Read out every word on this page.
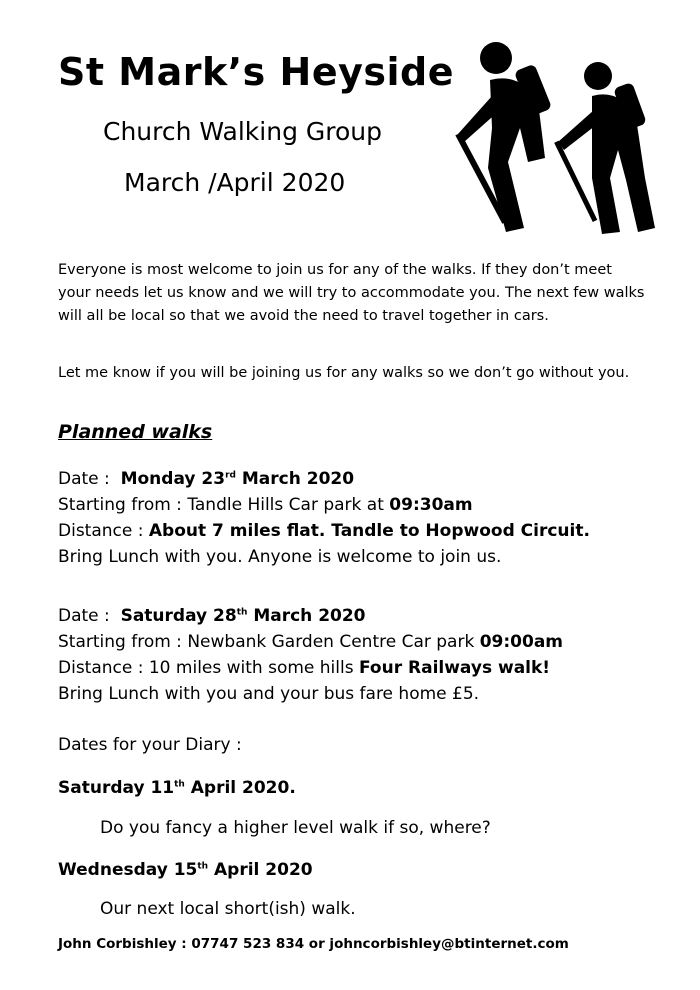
St Mark’s Heyside
Church Walking Group
March /April 2020

Everyone is most welcome to join us for any of the walks. If they don’t meet your needs let us know and we will try to accommodate you. The next few walks will all be local so that we avoid the need to travel together in cars.

Let me know if you will be joining us for any walks so we don’t go without you.

Planned walks
Date : Monday 23rd March 2020
Starting from : Tandle Hills Car park at 09:30am
Distance : About 7 miles flat. Tandle to Hopwood Circuit.
Bring Lunch with you. Anyone is welcome to join us.
Date : Saturday 28th March 2020
Starting from : Newbank Garden Centre Car park 09:00am
Distance : 10 miles with some hills Four Railways walk!
Bring Lunch with you and your bus fare home £5.
Dates for your Diary :
Saturday 11th April 2020.
Do you fancy a higher level walk if so, where?
Wednesday 15th April 2020
Our next local short(ish) walk.
John Corbishley : 07747 523 834 or johncorbishley@btinternet.com
